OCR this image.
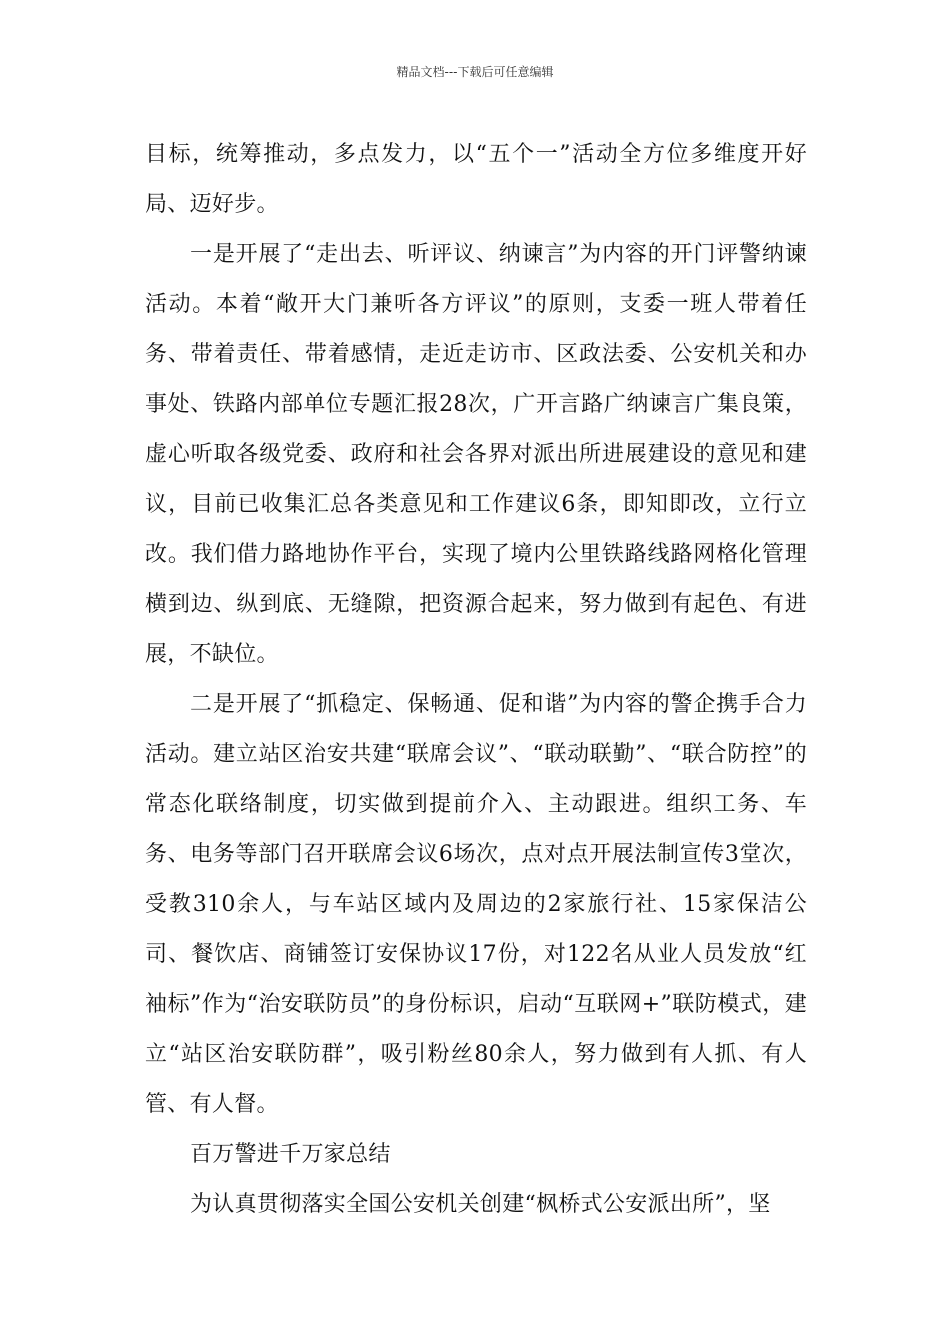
精品文档---下载后可任意编辑

目标，统筹推动，多点发力，以“五个一”活动全方位多维度开好局、迈好步。

一是开展了“走出去、听评议、纳谏言”为内容的开门评警纳谏活动。本着“敞开大门兼听各方评议”的原则，支委一班人带着任务、带着责任、带着感情，走近走访市、区政法委、公安机关和办事处、铁路内部单位专题汇报28次，广开言路广纳谏言广集良策，虚心听取各级党委、政府和社会各界对派出所进展建设的意见和建议，目前已收集汇总各类意见和工作建议6条，即知即改，立行立改。我们借力路地协作平台，实现了境内公里铁路线路网格化管理横到边、纵到底、无缝隙，把资源合起来，努力做到有起色、有进展，不缺位。

二是开展了“抓稳定、保畅通、促和谐”为内容的警企携手合力活动。建立站区治安共建“联席会议”、“联动联勤”、“联合防控”的常态化联络制度，切实做到提前介入、主动跟进。组织工务、车务、电务等部门召开联席会议6场次，点对点开展法制宣传3堂次，受教310余人，与车站区域内及周边的2家旅行社、15家保洁公司、餐饮店、商铺签订安保协议17份，对122名从业人员发放“红袖标”作为“治安联防员”的身份标识，启动“互联网+”联防模式，建立“站区治安联防群”，吸引粉丝80余人，努力做到有人抓、有人管、有人督。

百万警进千万家总结

为认真贯彻落实全国公安机关创建“枫桥式公安派出所”，坚
